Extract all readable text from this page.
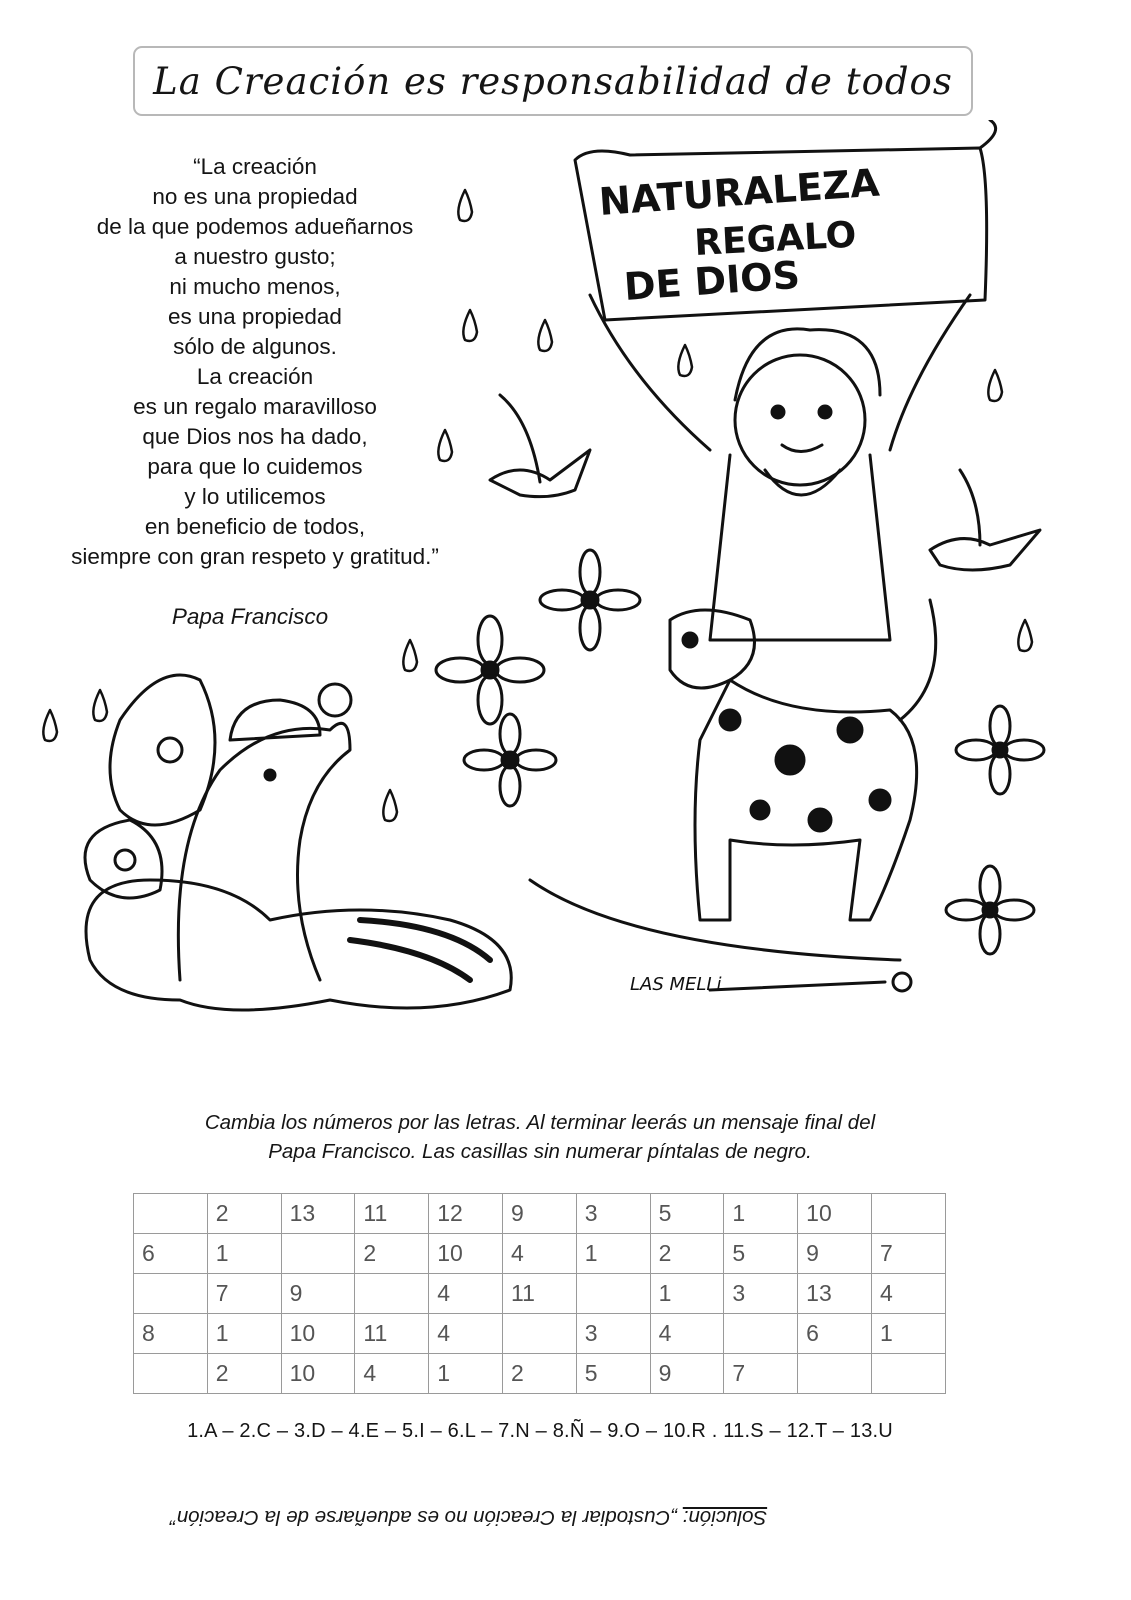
La Creación es responsabilidad de todos
“La creación
no es una propiedad
de la que podemos adueñarnos
a nuestro gusto;
ni mucho menos,
es una propiedad
sólo de algunos.
La creación
es un regalo maravilloso
que Dios nos ha dado,
para que lo cuidemos
y lo utilicemos
en beneficio de todos,
siempre con gran respeto y gratitud.”
Papa Francisco
NATURALEZA
REGALO
DE DIOS
LAS MELLi
Cambia los números por las letras. Al terminar leerás un mensaje final del
Papa Francisco. Las casillas sin numerar píntalas de negro.
	2	13	11	12	9	3	5	1	10	
6	1		2	10	4	1	2	5	9	7
	7	9		4	11		1	3	13	4
8	1	10	11	4		3	4		6	1
	2	10	4	1	2	5	9	7		
1.A – 2.C – 3.D – 4.E – 5.I – 6.L – 7.N – 8.Ñ – 9.O – 10.R . 11.S – 12.T – 13.U
Solución: „Custodiar la Creación no es adueñarse de la Creación”
